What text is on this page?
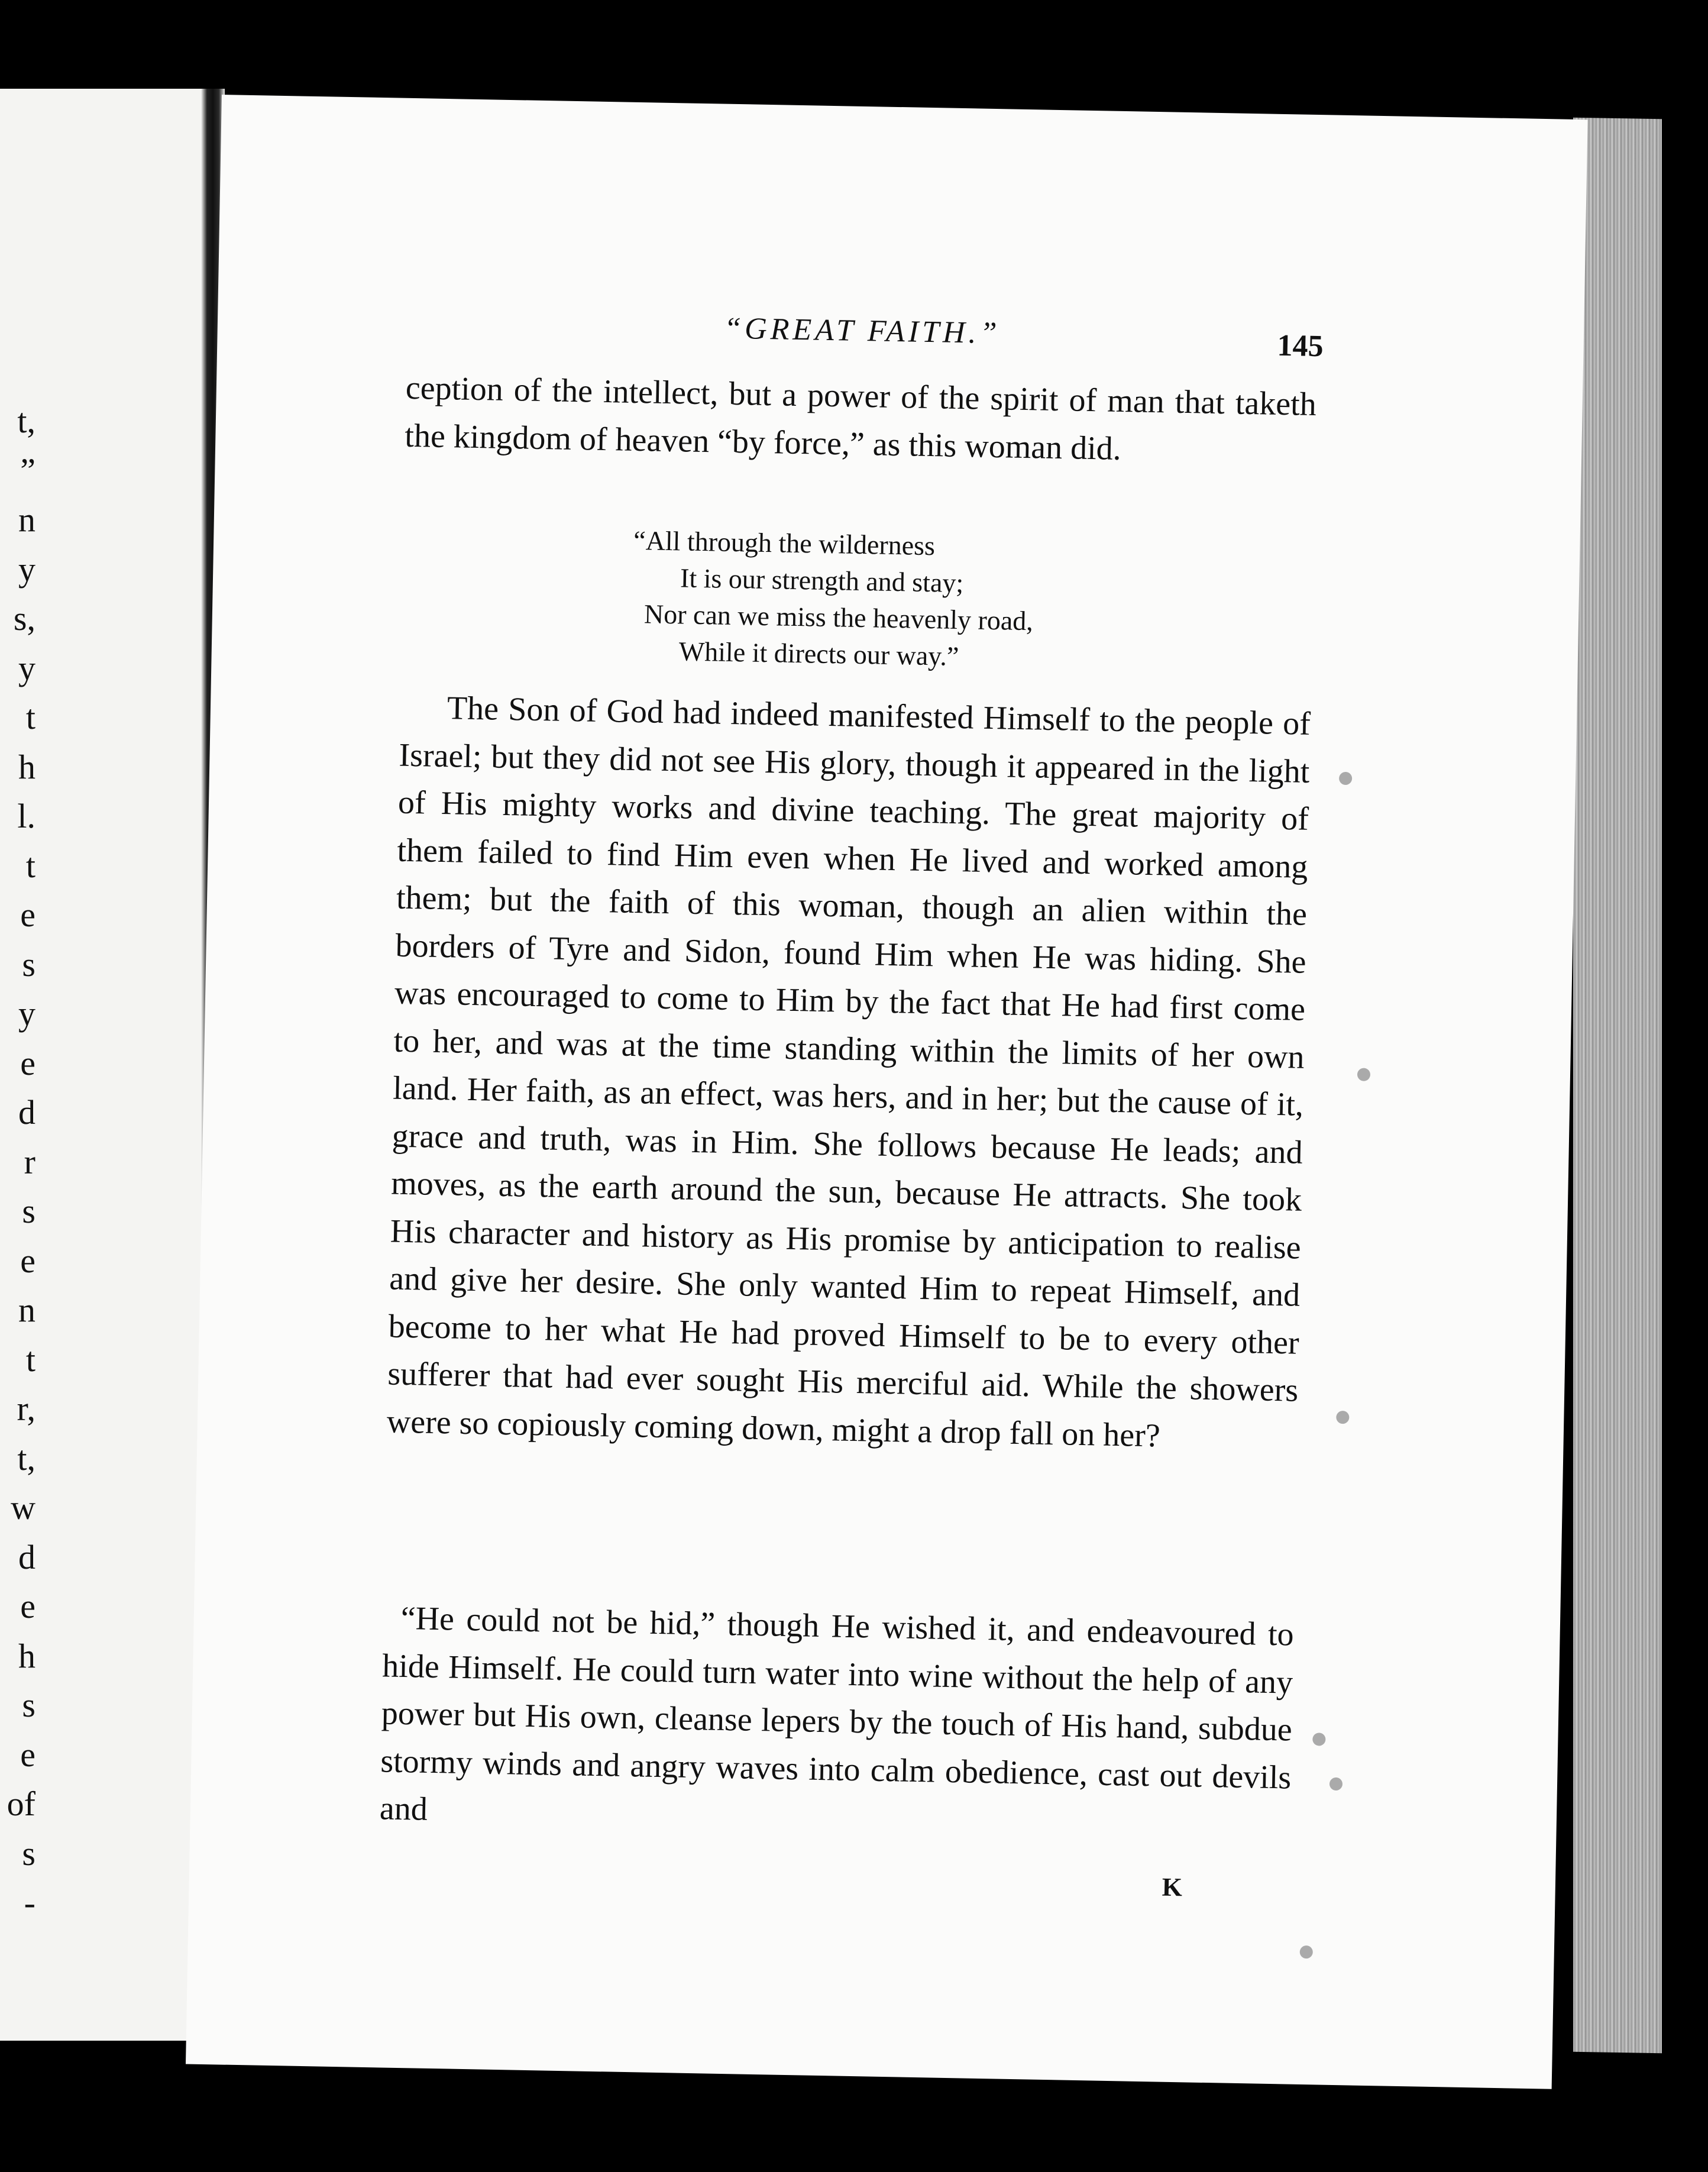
t,
”
n
y
s,
y
t
h
l.
t
e
s
y
e
d
r
s
e
n
t
r,
t,
w
d
e
h
s
e
of
s
-
“GREAT FAITH.”	145

ception of the intellect, but a power of the spirit of man that taketh the kingdom of heaven “by force,” as this woman did.

“All through the wilderness
It is our strength and stay;
Nor can we miss the heavenly road,
While it directs our way.”

The Son of God had indeed manifested Himself to the people of Israel; but they did not see His glory, though it appeared in the light of His mighty works and divine teaching. The great majority of them failed to find Him even when He lived and worked among them; but the faith of this woman, though an alien within the borders of Tyre and Sidon, found Him when He was hiding. She was encouraged to come to Him by the fact that He had first come to her, and was at the time standing within the limits of her own land. Her faith, as an effect, was hers, and in her; but the cause of it, grace and truth, was in Him. She follows because He leads; and moves, as the earth around the sun, because He attracts. She took His character and history as His promise by anticipation to realise and give her desire. She only wanted Him to repeat Himself, and become to her what He had proved Himself to be to every other sufferer that had ever sought His merciful aid. While the showers were so copiously coming down, might a drop fall on her?

“He could not be hid,” though He wished it, and endeavoured to hide Himself. He could turn water into wine without the help of any power but His own, cleanse lepers by the touch of His hand, subdue stormy winds and angry waves into calm obedience, cast out devils and

K
